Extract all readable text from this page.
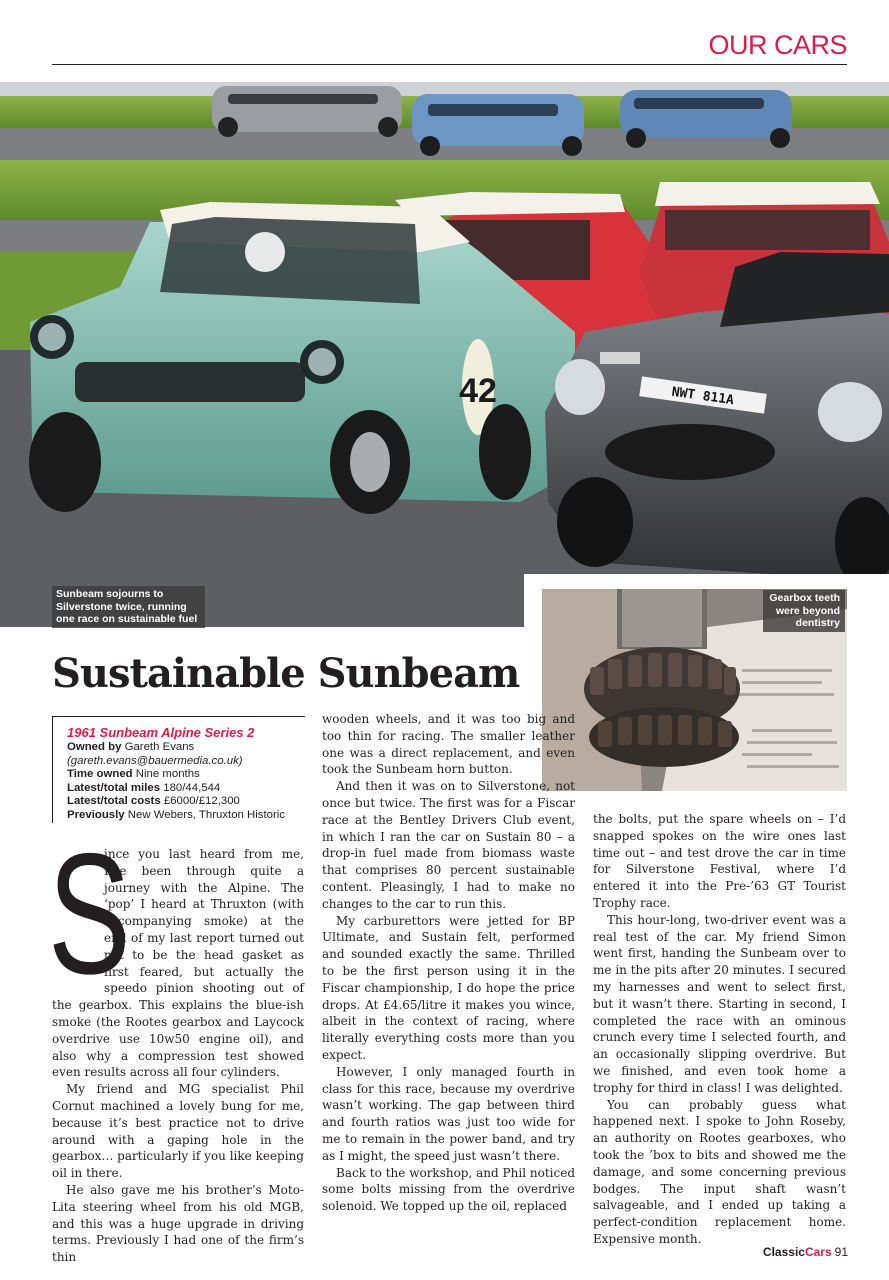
OUR CARS
42	NWT 811A
Sunbeam sojourns to Silverstone twice, running one race on sustainable fuel
Gearbox teeth were beyond dentistry
Sustainable Sunbeam
1961 Sunbeam Alpine Series 2
Owned by Gareth Evans
(gareth.evans@bauermedia.co.uk)
Time owned Nine months
Latest/total miles 180/44,544
Latest/total costs £6000/£12,300
Previously New Webers, Thruxton Historic

S
ince you last heard from me, I’ve been through quite a journey with the Alpine. The ‘pop’ I heard at Thruxton (with accompanying smoke) at the end of my last report turned out not to be the head gasket as first feared, but actually the speedo pinion shooting out of the gearbox. This explains the blue-ish smoke (the Rootes gearbox and Laycock overdrive use 10w50 engine oil), and also why a compression test showed even results across all four cylinders.

My friend and MG specialist Phil Cornut machined a lovely bung for me, because it’s best practice not to drive around with a gaping hole in the gearbox… particularly if you like keeping oil in there.

He also gave me his brother’s Moto-Lita steering wheel from his old MGB, and this was a huge upgrade in driving terms. Previously I had one of the firm’s thin

wooden wheels, and it was too big and too thin for racing. The smaller leather one was a direct replacement, and even took the Sunbeam horn button.

And then it was on to Silverstone, not once but twice. The first was for a Fiscar race at the Bentley Drivers Club event, in which I ran the car on Sustain 80 – a drop-in fuel made from biomass waste that comprises 80 percent sustainable content. Pleasingly, I had to make no changes to the car to run this.

My carburettors were jetted for BP Ultimate, and Sustain felt, performed and sounded exactly the same. Thrilled to be the first person using it in the Fiscar championship, I do hope the price drops. At £4.65/litre it makes you wince, albeit in the context of racing, where literally everything costs more than you expect.

However, I only managed fourth in class for this race, because my overdrive wasn’t working. The gap between third and fourth ratios was just too wide for me to remain in the power band, and try as I might, the speed just wasn’t there.

Back to the workshop, and Phil noticed some bolts missing from the overdrive solenoid. We topped up the oil, replaced

the bolts, put the spare wheels on – I’d snapped spokes on the wire ones last time out – and test drove the car in time for Silverstone Festival, where I’d entered it into the Pre-’63 GT Tourist Trophy race.

This hour-long, two-driver event was a real test of the car. My friend Simon went first, handing the Sunbeam over to me in the pits after 20 minutes. I secured my harnesses and went to select first, but it wasn’t there. Starting in second, I completed the race with an ominous crunch every time I selected fourth, and an occasionally slipping overdrive. But we finished, and even took home a trophy for third in class! I was delighted.

You can probably guess what happened next. I spoke to John Roseby, an authority on Rootes gearboxes, who took the ’box to bits and showed me the damage, and some concerning previous bodges. The input shaft wasn’t salvageable, and I ended up taking a perfect-condition replacement home. Expensive month.

ClassicCars 91
